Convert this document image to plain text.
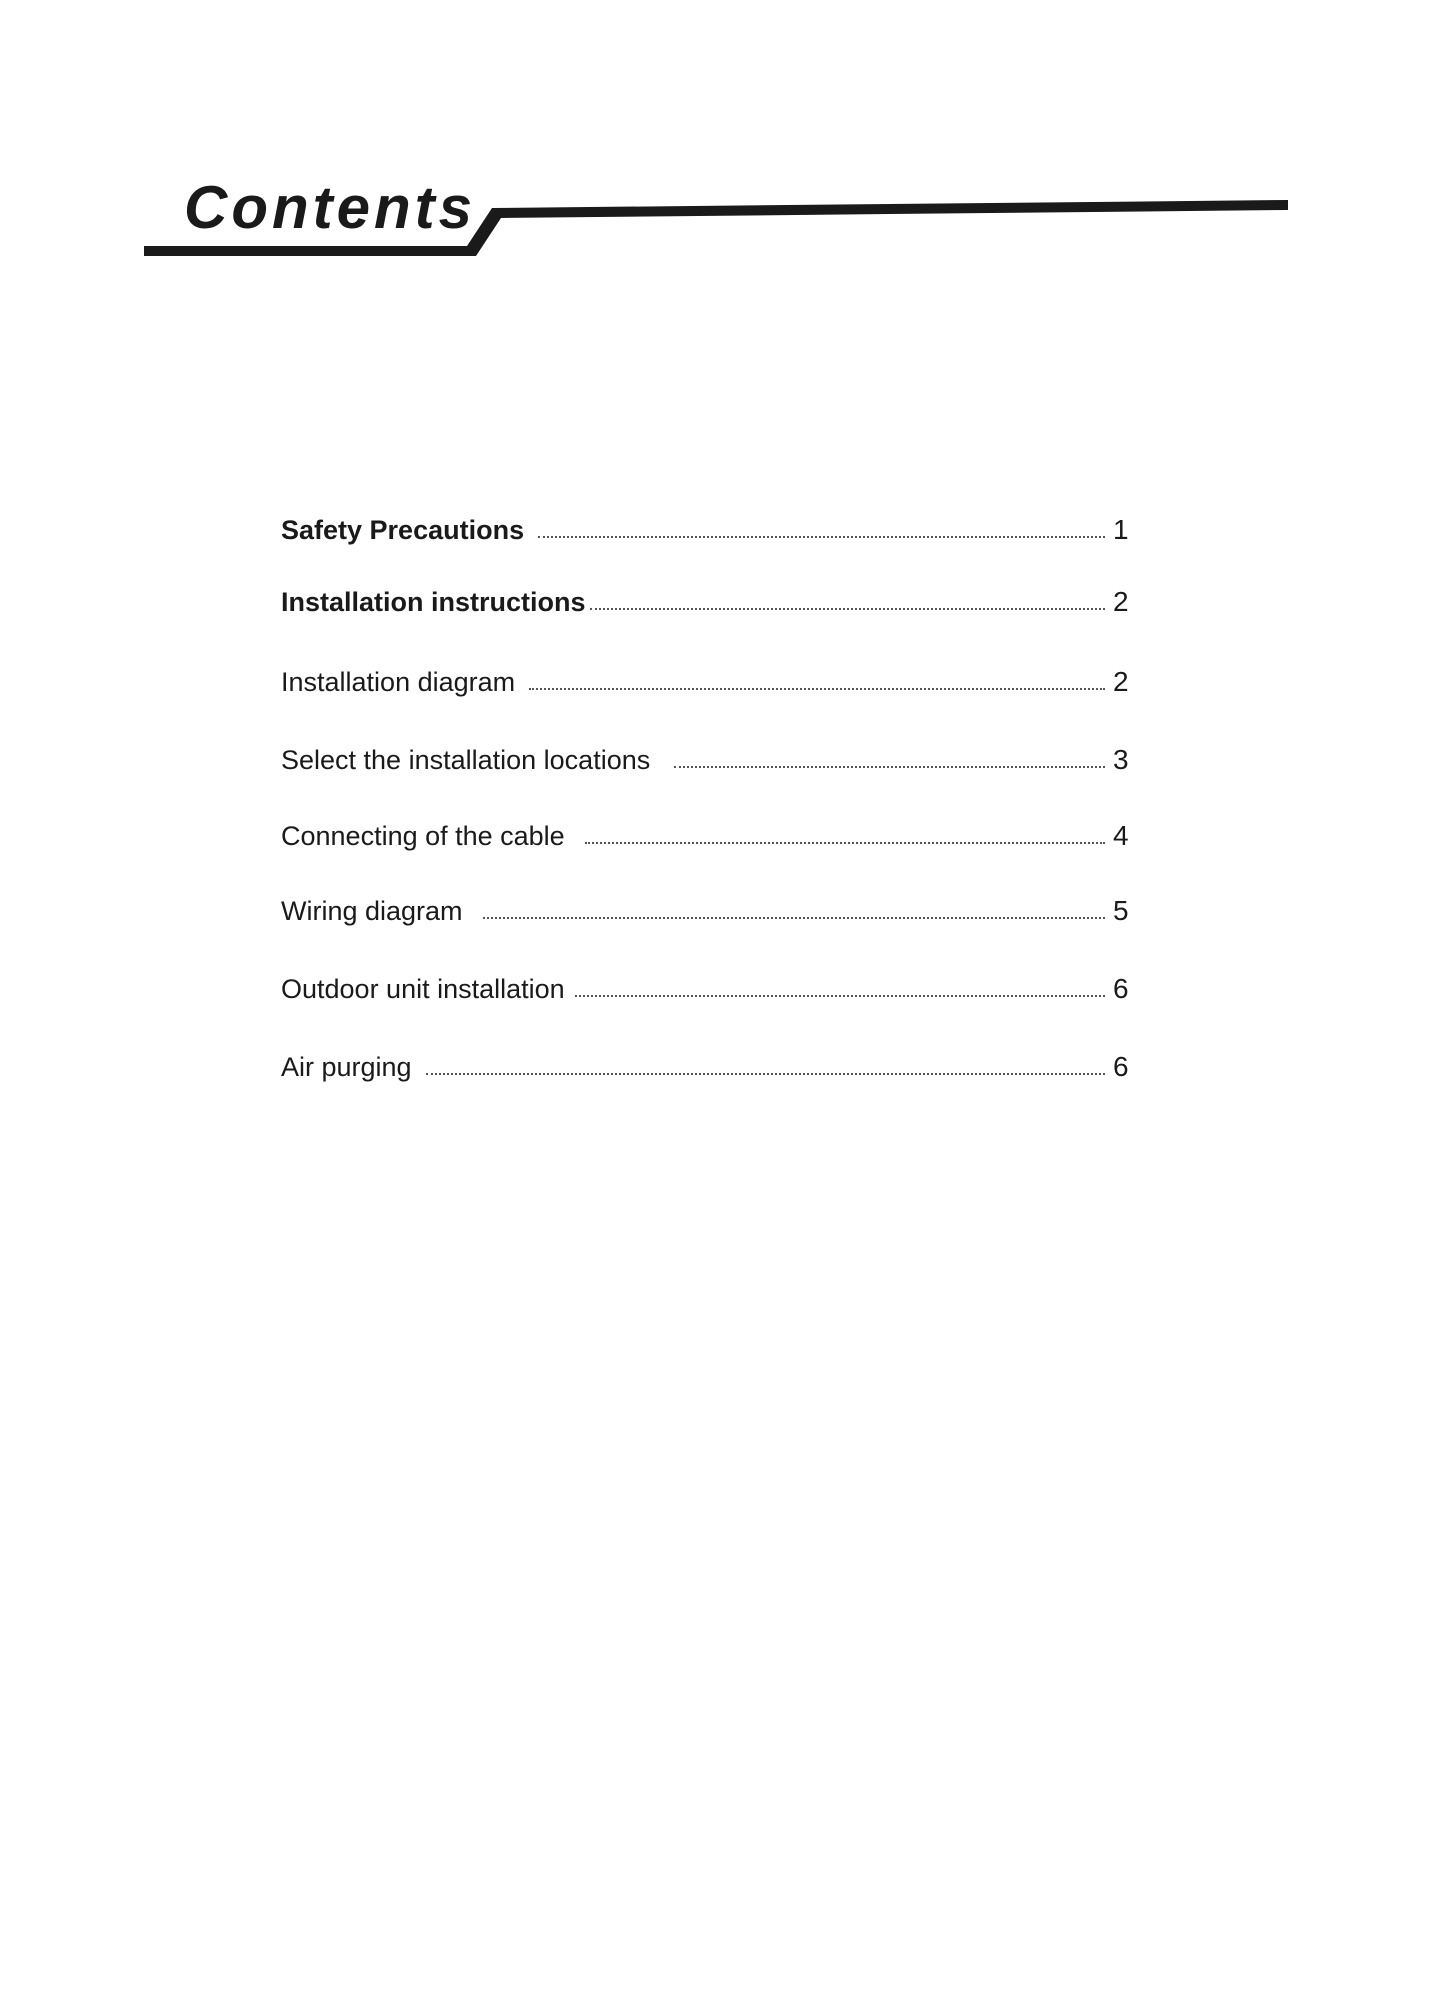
Contents
Safety Precautions	1
Installation instructions	2
Installation diagram	2
Select the installation locations	3
Connecting of the cable	4
Wiring diagram	5
Outdoor unit installation	6
Air purging	6
